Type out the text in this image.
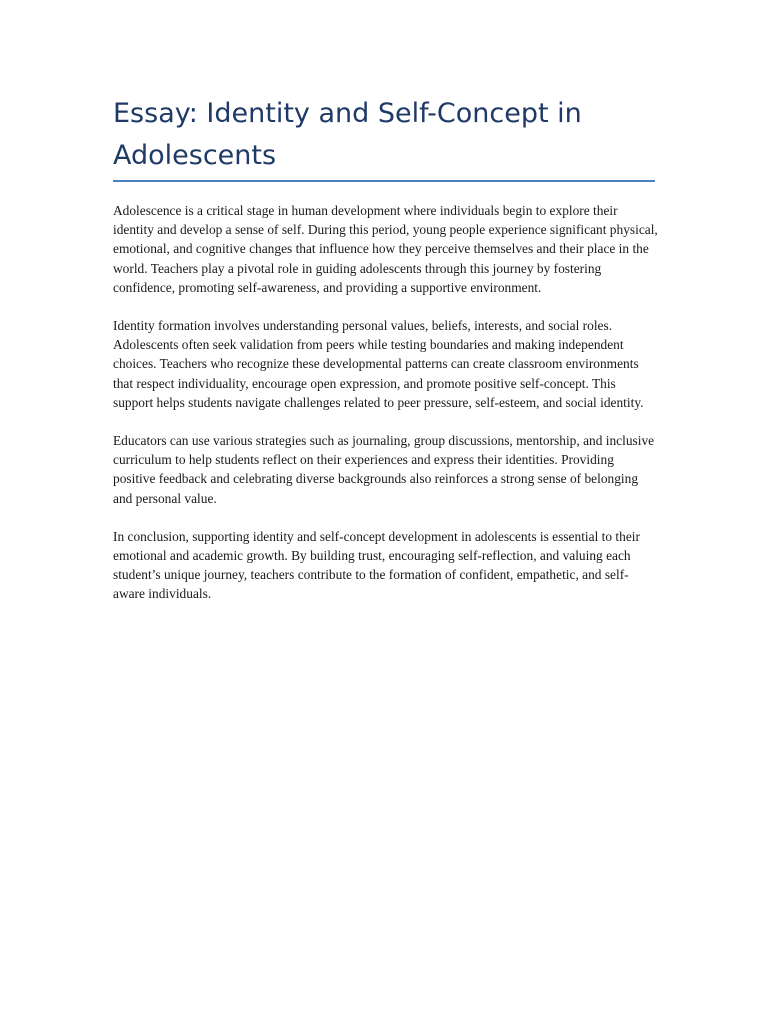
Essay: Identity and Self-Concept in Adolescents

Adolescence is a critical stage in human development where individuals begin to explore their identity and develop a sense of self. During this period, young people experience significant physical, emotional, and cognitive changes that influence how they perceive themselves and their place in the world. Teachers play a pivotal role in guiding adolescents through this journey by fostering confidence, promoting self-awareness, and providing a supportive environment.

Identity formation involves understanding personal values, beliefs, interests, and social roles. Adolescents often seek validation from peers while testing boundaries and making independent choices. Teachers who recognize these developmental patterns can create classroom environments that respect individuality, encourage open expression, and promote positive self-concept. This support helps students navigate challenges related to peer pressure, self-esteem, and social identity.

Educators can use various strategies such as journaling, group discussions, mentorship, and inclusive curriculum to help students reflect on their experiences and express their identities. Providing positive feedback and celebrating diverse backgrounds also reinforces a strong sense of belonging and personal value.

In conclusion, supporting identity and self-concept development in adolescents is essential to their emotional and academic growth. By building trust, encouraging self-reflection, and valuing each student’s unique journey, teachers contribute to the formation of confident, empathetic, and self-aware individuals.
